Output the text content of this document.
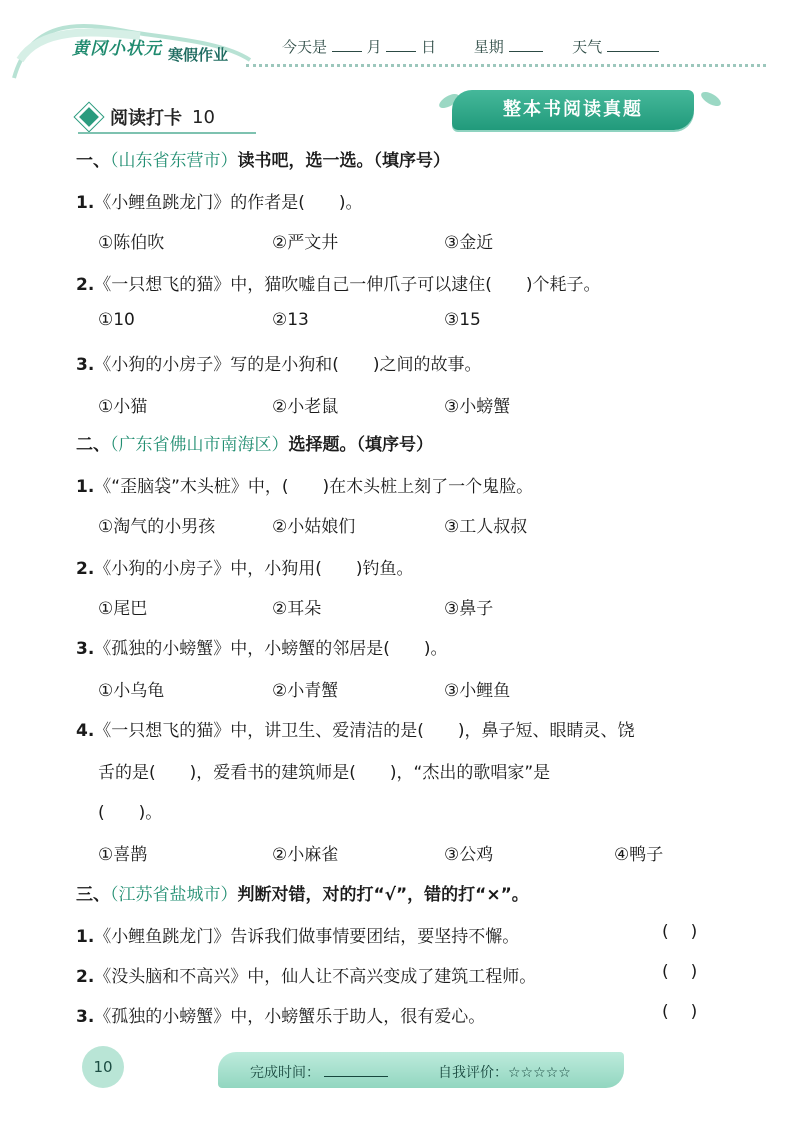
黄冈小状元 寒假作业	今天是	月	日	星期	天气
阅读打卡 10	整本书阅读真题
一、（山东省东营市）读书吧，选一选。（填序号）
1.《小鲤鱼跳龙门》的作者是(　　)。
①陈伯吹	②严文井	③金近
2.《一只想飞的猫》中，猫吹嘘自己一伸爪子可以逮住(　　)个耗子。
①10	②13	③15
3.《小狗的小房子》写的是小狗和(　　)之间的故事。
①小猫	②小老鼠	③小螃蟹
二、（广东省佛山市南海区）选择题。（填序号）
1.《“歪脑袋”木头桩》中，(　　)在木头桩上刻了一个鬼脸。
①淘气的小男孩	②小姑娘们	③工人叔叔
2.《小狗的小房子》中，小狗用(　　)钓鱼。
①尾巴	②耳朵	③鼻子
3.《孤独的小螃蟹》中，小螃蟹的邻居是(　　)。
①小乌龟	②小青蟹	③小鲤鱼
4.《一只想飞的猫》中，讲卫生、爱清洁的是(　　)，鼻子短、眼睛灵、饶
舌的是(　　)，爱看书的建筑师是(　　)，“杰出的歌唱家”是
(　　)。
①喜鹊	②小麻雀	③公鸡	④鸭子
三、（江苏省盐城市）判断对错，对的打“√”，错的打“×”。
1.《小鲤鱼跳龙门》告诉我们做事情要团结，要坚持不懈。	()
2.《没头脑和不高兴》中，仙人让不高兴变成了建筑工程师。	()
3.《孤独的小螃蟹》中，小螃蟹乐于助人，很有爱心。	()
10	完成时间：	自我评价：☆☆☆☆☆
